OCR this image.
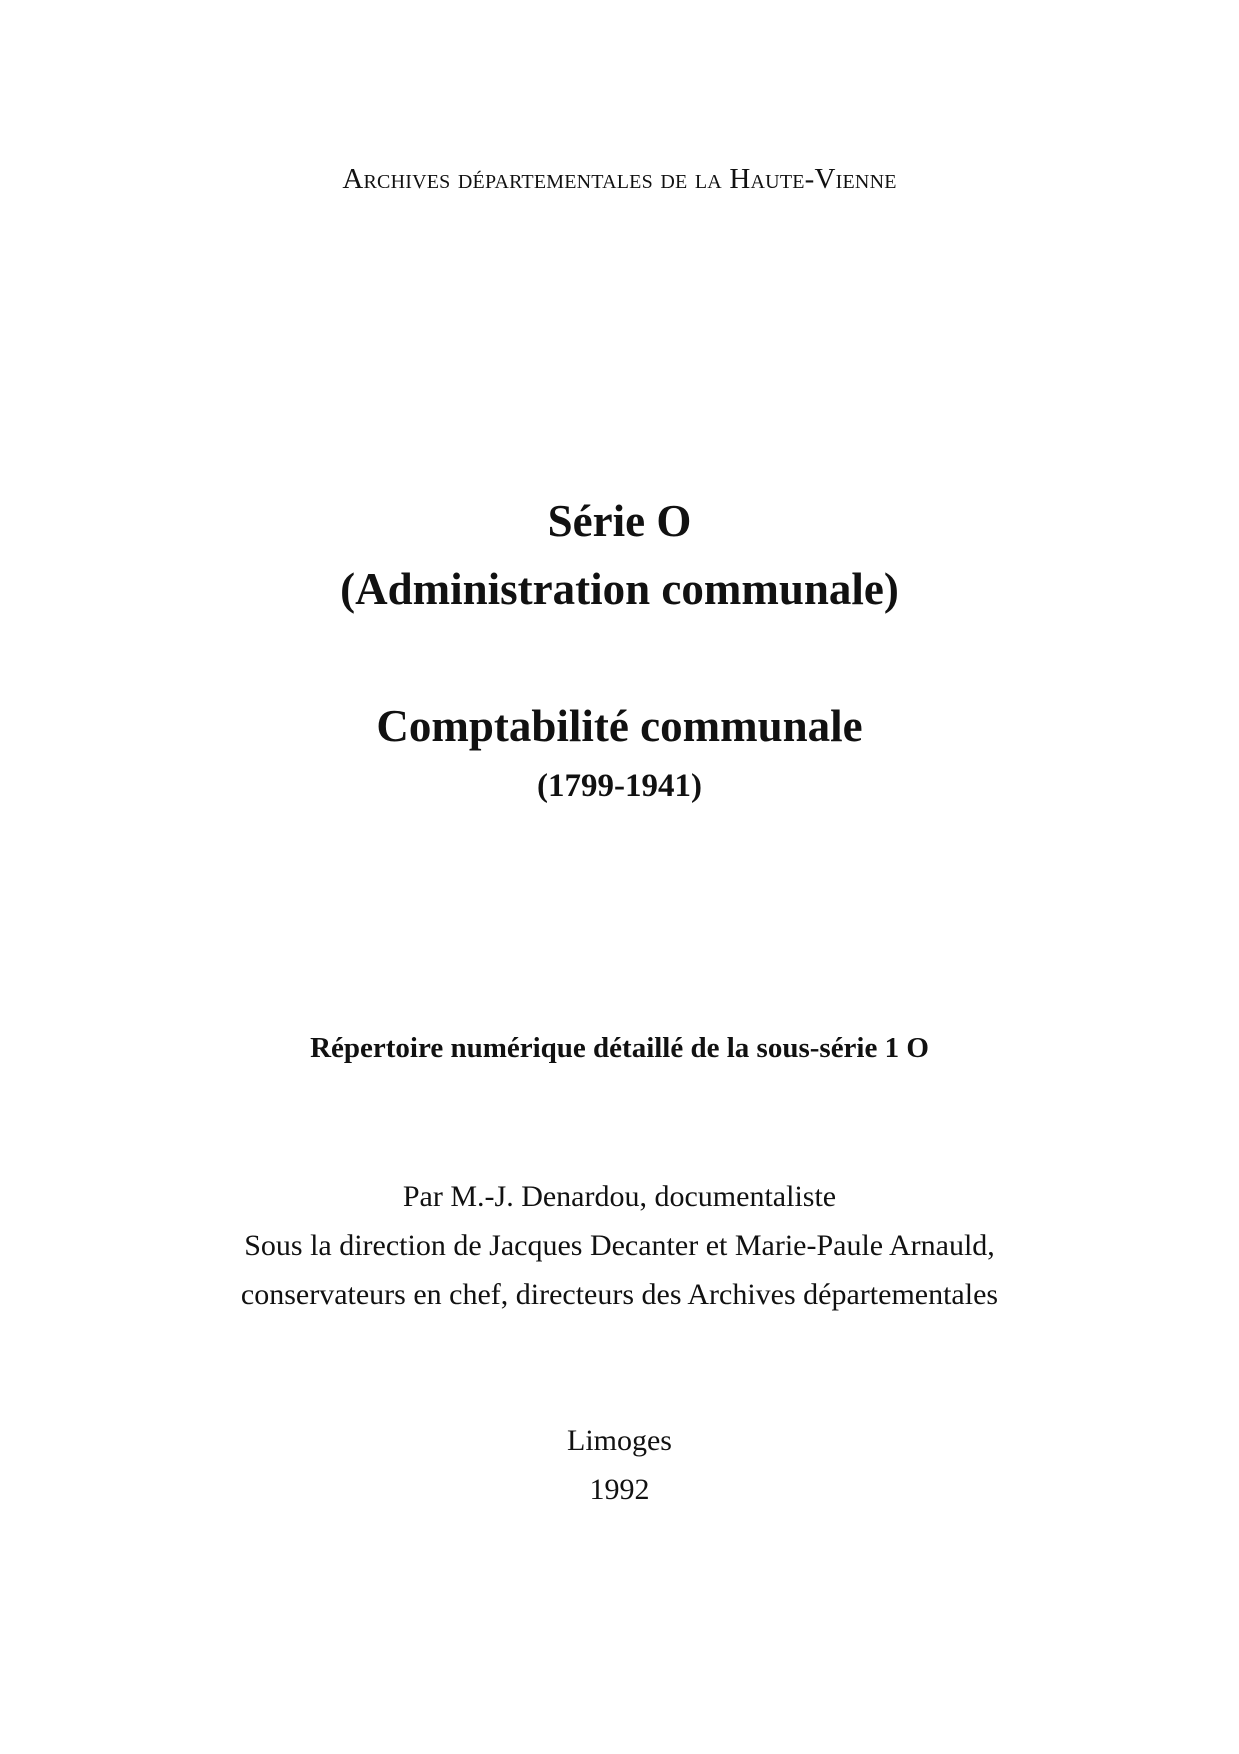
Archives départementales de la Haute-Vienne
Série O
(Administration communale)
Comptabilité communale
(1799-1941)
Répertoire numérique détaillé de la sous-série 1 O
Par M.-J. Denardou, documentaliste
Sous la direction de Jacques Decanter et Marie-Paule Arnauld,
conservateurs en chef, directeurs des Archives départementales
Limoges
1992
